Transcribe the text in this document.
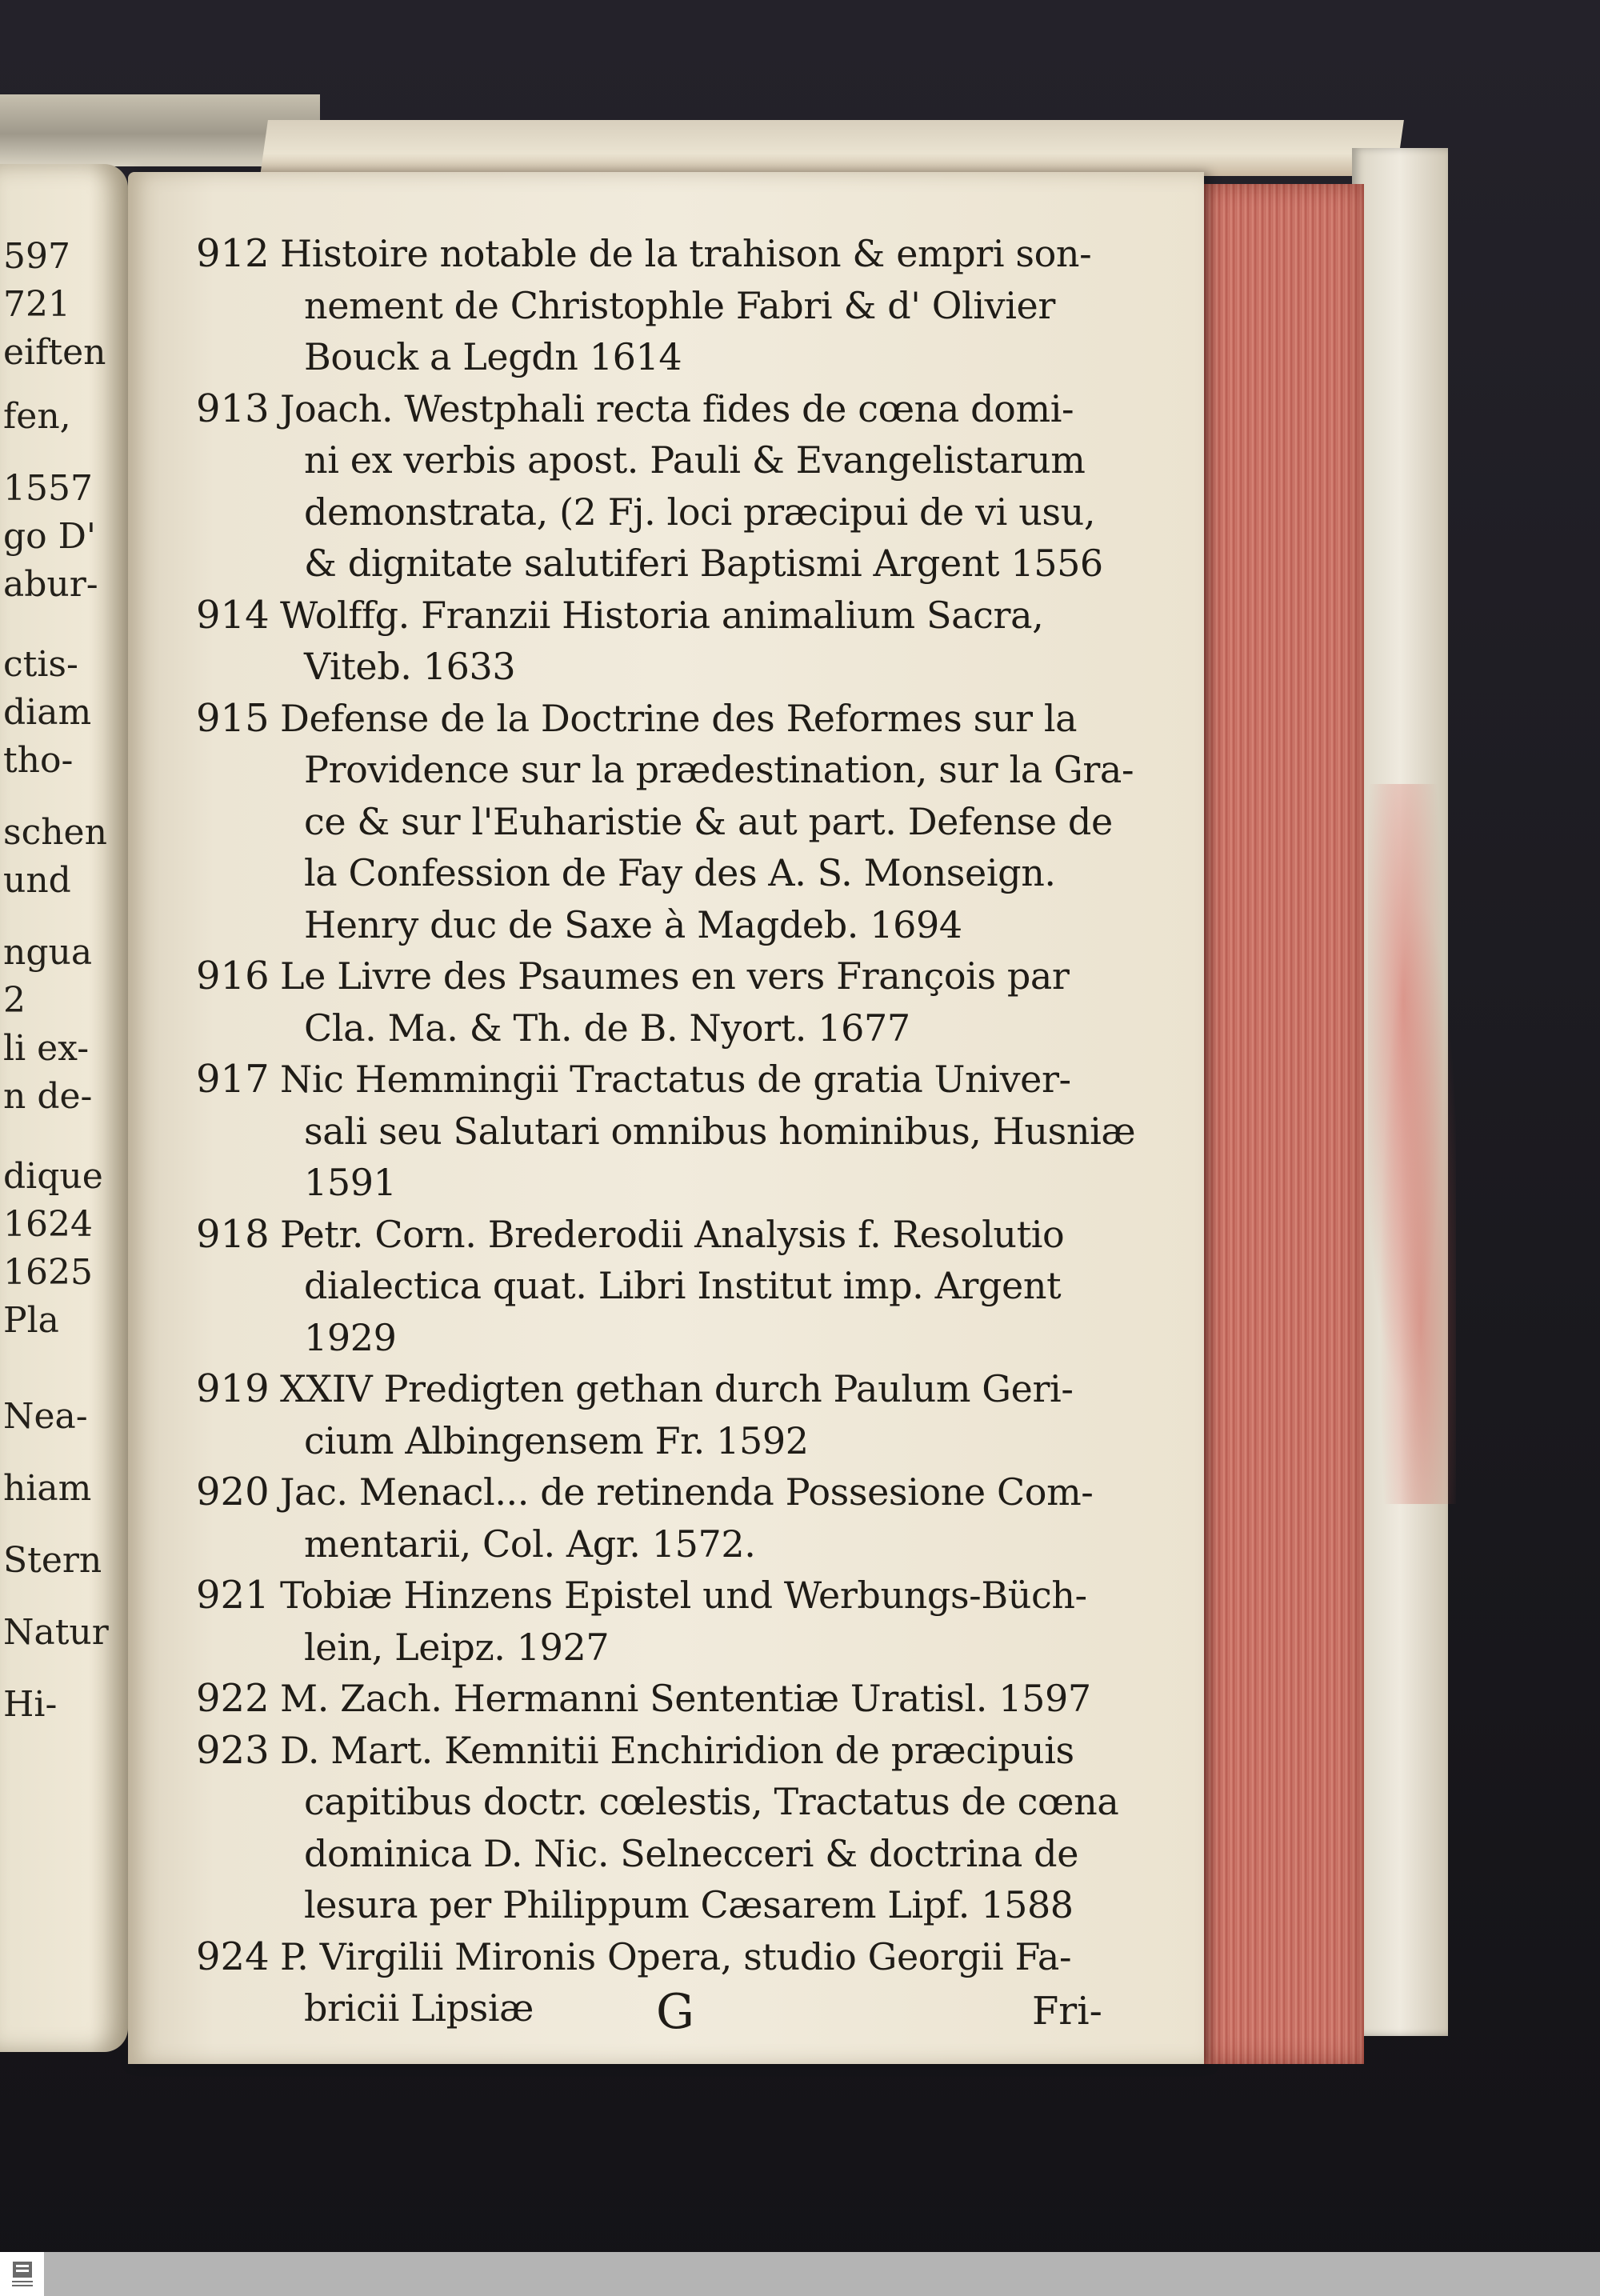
597
721
eiften
fen,
1557
go D'
abur-
ctis-
diam
tho-
schen
und
ngua
2
li ex-
n de-
dique
1624
1625
Pla
Nea-
hiam
Stern
Natur
Hi-
912 Histoire notable de la trahison & empri son-
nement de Christophle Fabri & d' Olivier
Bouck a Legdn 1614
913 Joach. Westphali recta fides de cœna domi-
ni ex verbis apost. Pauli & Evangelistarum
demonstrata, (2 Fj. loci præcipui de vi usu,
& dignitate salutiferi Baptismi Argent 1556
914 Wolffg. Franzii Historia animalium Sacra,
Viteb. 1633
915 Defense de la Doctrine des Reformes sur la
Providence sur la prædestination, sur la Gra-
ce & sur l'Euharistie & aut part. Defense de
la Confession de Fay des A. S. Monseign.
Henry duc de Saxe à Magdeb. 1694
916 Le Livre des Psaumes en vers François par
Cla. Ma. & Th. de B. Nyort. 1677
917 Nic Hemmingii Tractatus de gratia Univer-
sali seu Salutari omnibus hominibus, Husniæ
1591
918 Petr. Corn. Brederodii Analysis f. Resolutio
dialectica quat. Libri Institut imp. Argent
1929
919 XXIV Predigten gethan durch Paulum Geri-
cium Albingensem Fr. 1592
920 Jac. Menacl... de retinenda Possesione Com-
mentarii, Col. Agr. 1572.
921 Tobiæ Hinzens Epistel und Werbungs-Büch-
lein, Leipz. 1927
922 M. Zach. Hermanni Sententiæ Uratisl. 1597
923 D. Mart. Kemnitii Enchiridion de præcipuis
capitibus doctr. cœlestis, Tractatus de cœna
dominica D. Nic. Selnecceri & doctrina de
lesura per Philippum Cæsarem Lipf. 1588
924 P. Virgilii Mironis Opera, studio Georgii Fa-
bricii Lipsiæ	G	Fri-
